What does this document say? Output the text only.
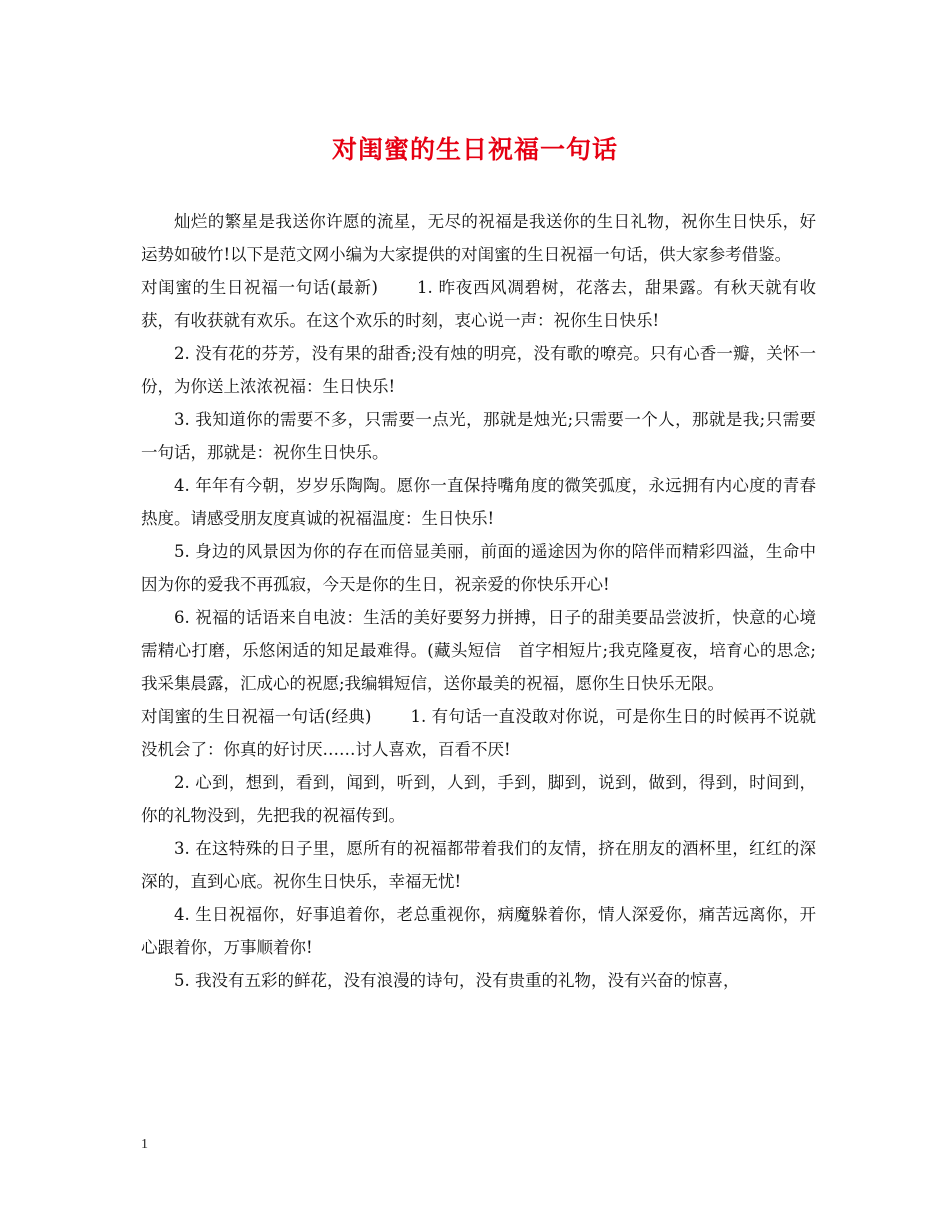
对闺蜜的生日祝福一句话

灿烂的繁星是我送你许愿的流星，无尽的祝福是我送你的生日礼物，祝你生日快乐，好运势如破竹!以下是范文网小编为大家提供的对闺蜜的生日祝福一句话，供大家参考借鉴。

对闺蜜的生日祝福一句话(最新) 1. 昨夜西风凋碧树，花落去，甜果露。有秋天就有收获，有收获就有欢乐。在这个欢乐的时刻，衷心说一声：祝你生日快乐!

2. 没有花的芬芳，没有果的甜香;没有烛的明亮，没有歌的嘹亮。只有心香一瓣，关怀一份，为你送上浓浓祝福：生日快乐!

3. 我知道你的需要不多，只需要一点光，那就是烛光;只需要一个人，那就是我;只需要一句话，那就是：祝你生日快乐。

4. 年年有今朝，岁岁乐陶陶。愿你一直保持嘴角度的微笑弧度，永远拥有内心度的青春热度。请感受朋友度真诚的祝福温度：生日快乐!

5. 身边的风景因为你的存在而倍显美丽，前面的遥途因为你的陪伴而精彩四溢，生命中因为你的爱我不再孤寂，今天是你的生日，祝亲爱的你快乐开心!

6. 祝福的话语来自电波：生活的美好要努力拼搏，日子的甜美要品尝波折，快意的心境需精心打磨，乐悠闲适的知足最难得。(藏头短信　首字相短片;我克隆夏夜，培育心的思念;我采集晨露，汇成心的祝愿;我编辑短信，送你最美的祝福，愿你生日快乐无限。

对闺蜜的生日祝福一句话(经典) 1. 有句话一直没敢对你说，可是你生日的时候再不说就没机会了：你真的好讨厌……讨人喜欢，百看不厌!

2. 心到，想到，看到，闻到，听到，人到，手到，脚到，说到，做到，得到，时间到，你的礼物没到，先把我的祝福传到。

3. 在这特殊的日子里，愿所有的祝福都带着我们的友情，挤在朋友的酒杯里，红红的深深的，直到心底。祝你生日快乐，幸福无忧!

4. 生日祝福你，好事追着你，老总重视你，病魔躲着你，情人深爱你，痛苦远离你，开心跟着你，万事顺着你!

5. 我没有五彩的鲜花，没有浪漫的诗句，没有贵重的礼物，没有兴奋的惊喜，

1
